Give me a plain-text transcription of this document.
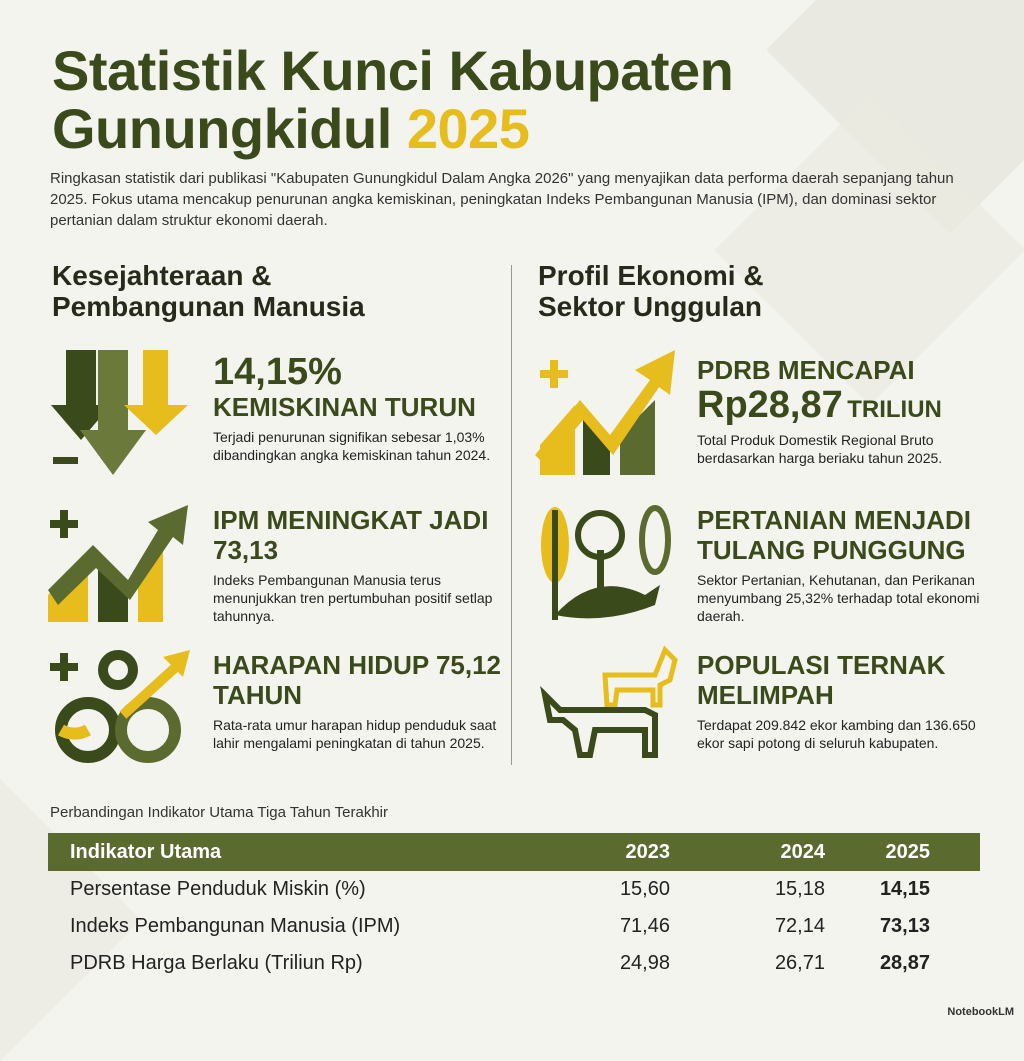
Statistik Kunci Kabupaten
Gunungkidul 2025

Ringkasan statistik dari publikasi "Kabupaten Gunungkidul Dalam Angka 2026" yang menyajikan data performa daerah sepanjang tahun 2025. Fokus utama mencakup penurunan angka kemiskinan, peningkatan Indeks Pembangunan Manusia (IPM), dan dominasi sektor pertanian dalam struktur ekonomi daerah.

Kesejahteraan & Pembangunan Manusia
Profil Ekonomi & Sektor Unggulan
14,15%
KEMISKINAN TURUN
Terjadi penurunan signifikan sebesar 1,03% dibandingkan angka kemiskinan tahun 2024.
IPM MENINGKAT JADI 73,13
Indeks Pembangunan Manusia terus menunjukkan tren pertumbuhan positif setlap tahunnya.
HARAPAN HIDUP 75,12 TAHUN
Rata-rata umur harapan hidup penduduk saat lahir mengalami peningkatan di tahun 2025.
PDRB MENCAPAI
Rp28,87 TRILIUN
Total Produk Domestik Regional Bruto berdasarkan harga beriaku tahun 2025.
PERTANIAN MENJADI TULANG PUNGGUNG
Sektor Pertanian, Kehutanan, dan Perikanan menyumbang 25,32% terhadap total ekonomi daerah.
POPULASI TERNAK MELIMPAH
Terdapat 209.842 ekor kambing dan 136.650 ekor sapi potong di seluruh kabupaten.
Perbandingan Indikator Utama Tiga Tahun Terakhir
Indikator Utama	2023	2024	2025
Persentase Penduduk Miskin (%)	15,60	15,18	14,15
Indeks Pembangunan Manusia (IPM)	71,46	72,14	73,13
PDRB Harga Berlaku (Triliun Rp)	24,98	26,71	28,87
NotebookLM
